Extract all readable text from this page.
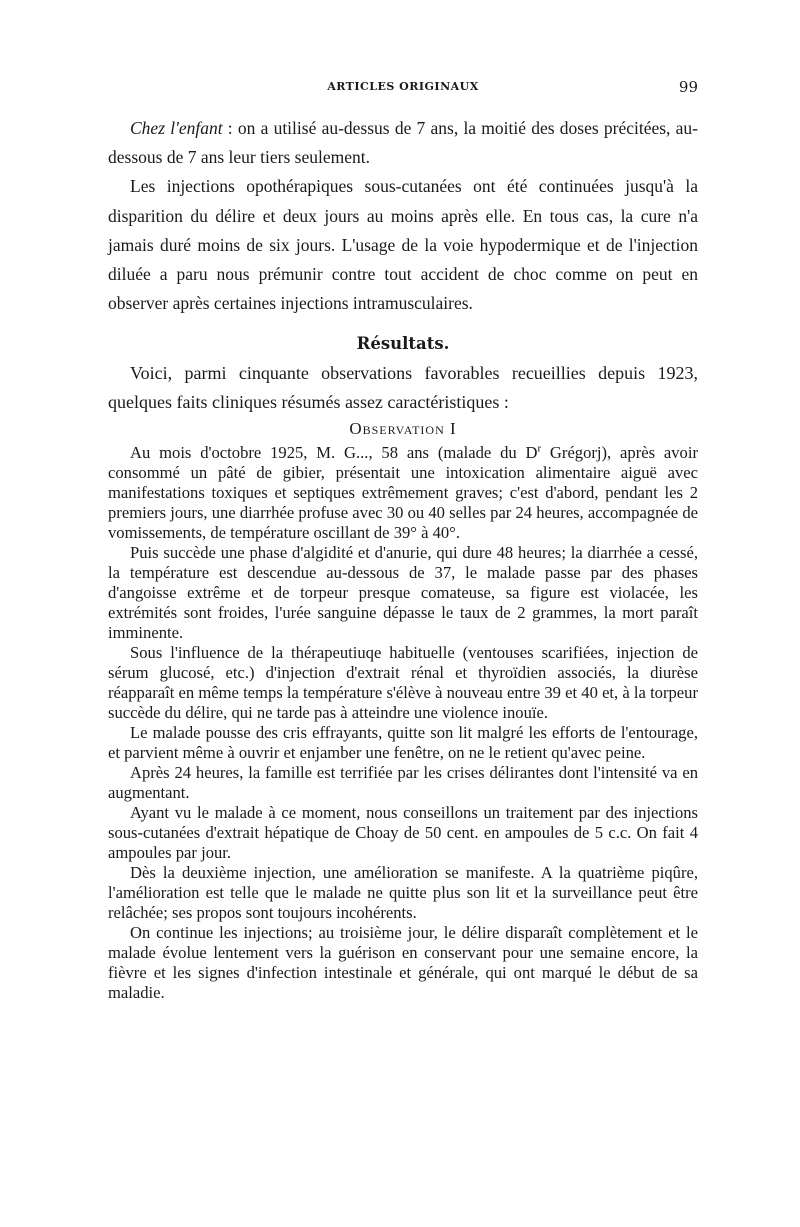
ARTICLES ORIGINAUX	99

Chez l'enfant : on a utilisé au-dessus de 7 ans, la moitié des doses précitées, au-dessous de 7 ans leur tiers seulement.

Les injections opothérapiques sous-cutanées ont été continuées jusqu'à la disparition du délire et deux jours au moins après elle. En tous cas, la cure n'a jamais duré moins de six jours. L'usage de la voie hypodermique et de l'injection diluée a paru nous prémunir contre tout accident de choc comme on peut en observer après certaines injections intramusculaires.

Résultats.

Voici, parmi cinquante observations favorables recueillies depuis 1923, quelques faits cliniques résumés assez caractéristiques :

Observation I

Au mois d'octobre 1925, M. G..., 58 ans (malade du $D^r$ Grégorj), après avoir consommé un pâté de gibier, présentait une intoxication alimentaire aiguë avec manifestations toxiques et septiques extrêmement graves; c'est d'abord, pendant les 2 premiers jours, une diarrhée profuse avec 30 ou 40 selles par 24 heures, accompagnée de vomissements, de température oscillant de 39° à 40°.

Puis succède une phase d'algidité et d'anurie, qui dure 48 heures; la diarrhée a cessé, la température est descendue au-dessous de 37, le malade passe par des phases d'angoisse extrême et de torpeur presque comateuse, sa figure est violacée, les extrémités sont froides, l'urée sanguine dépasse le taux de 2 grammes, la mort paraît imminente.

Sous l'influence de la thérapeutiuqe habituelle (ventouses scarifiées, injection de sérum glucosé, etc.) d'injection d'extrait rénal et thyroïdien associés, la diurèse réapparaît en même temps la température s'élève à nouveau entre 39 et 40 et, à la torpeur succède du délire, qui ne tarde pas à atteindre une violence inouïe.

Le malade pousse des cris effrayants, quitte son lit malgré les efforts de l'entourage, et parvient même à ouvrir et enjamber une fenêtre, on ne le retient qu'avec peine.

Après 24 heures, la famille est terrifiée par les crises délirantes dont l'intensité va en augmentant.

Ayant vu le malade à ce moment, nous conseillons un traitement par des injections sous-cutanées d'extrait hépatique de Choay de 50 cent. en ampoules de 5 c.c. On fait 4 ampoules par jour.

Dès la deuxième injection, une amélioration se manifeste. A la quatrième piqûre, l'amélioration est telle que le malade ne quitte plus son lit et la surveillance peut être relâchée; ses propos sont toujours incohérents.

On continue les injections; au troisième jour, le délire disparaît complètement et le malade évolue lentement vers la guérison en conservant pour une semaine encore, la fièvre et les signes d'infection intestinale et générale, qui ont marqué le début de sa maladie.
